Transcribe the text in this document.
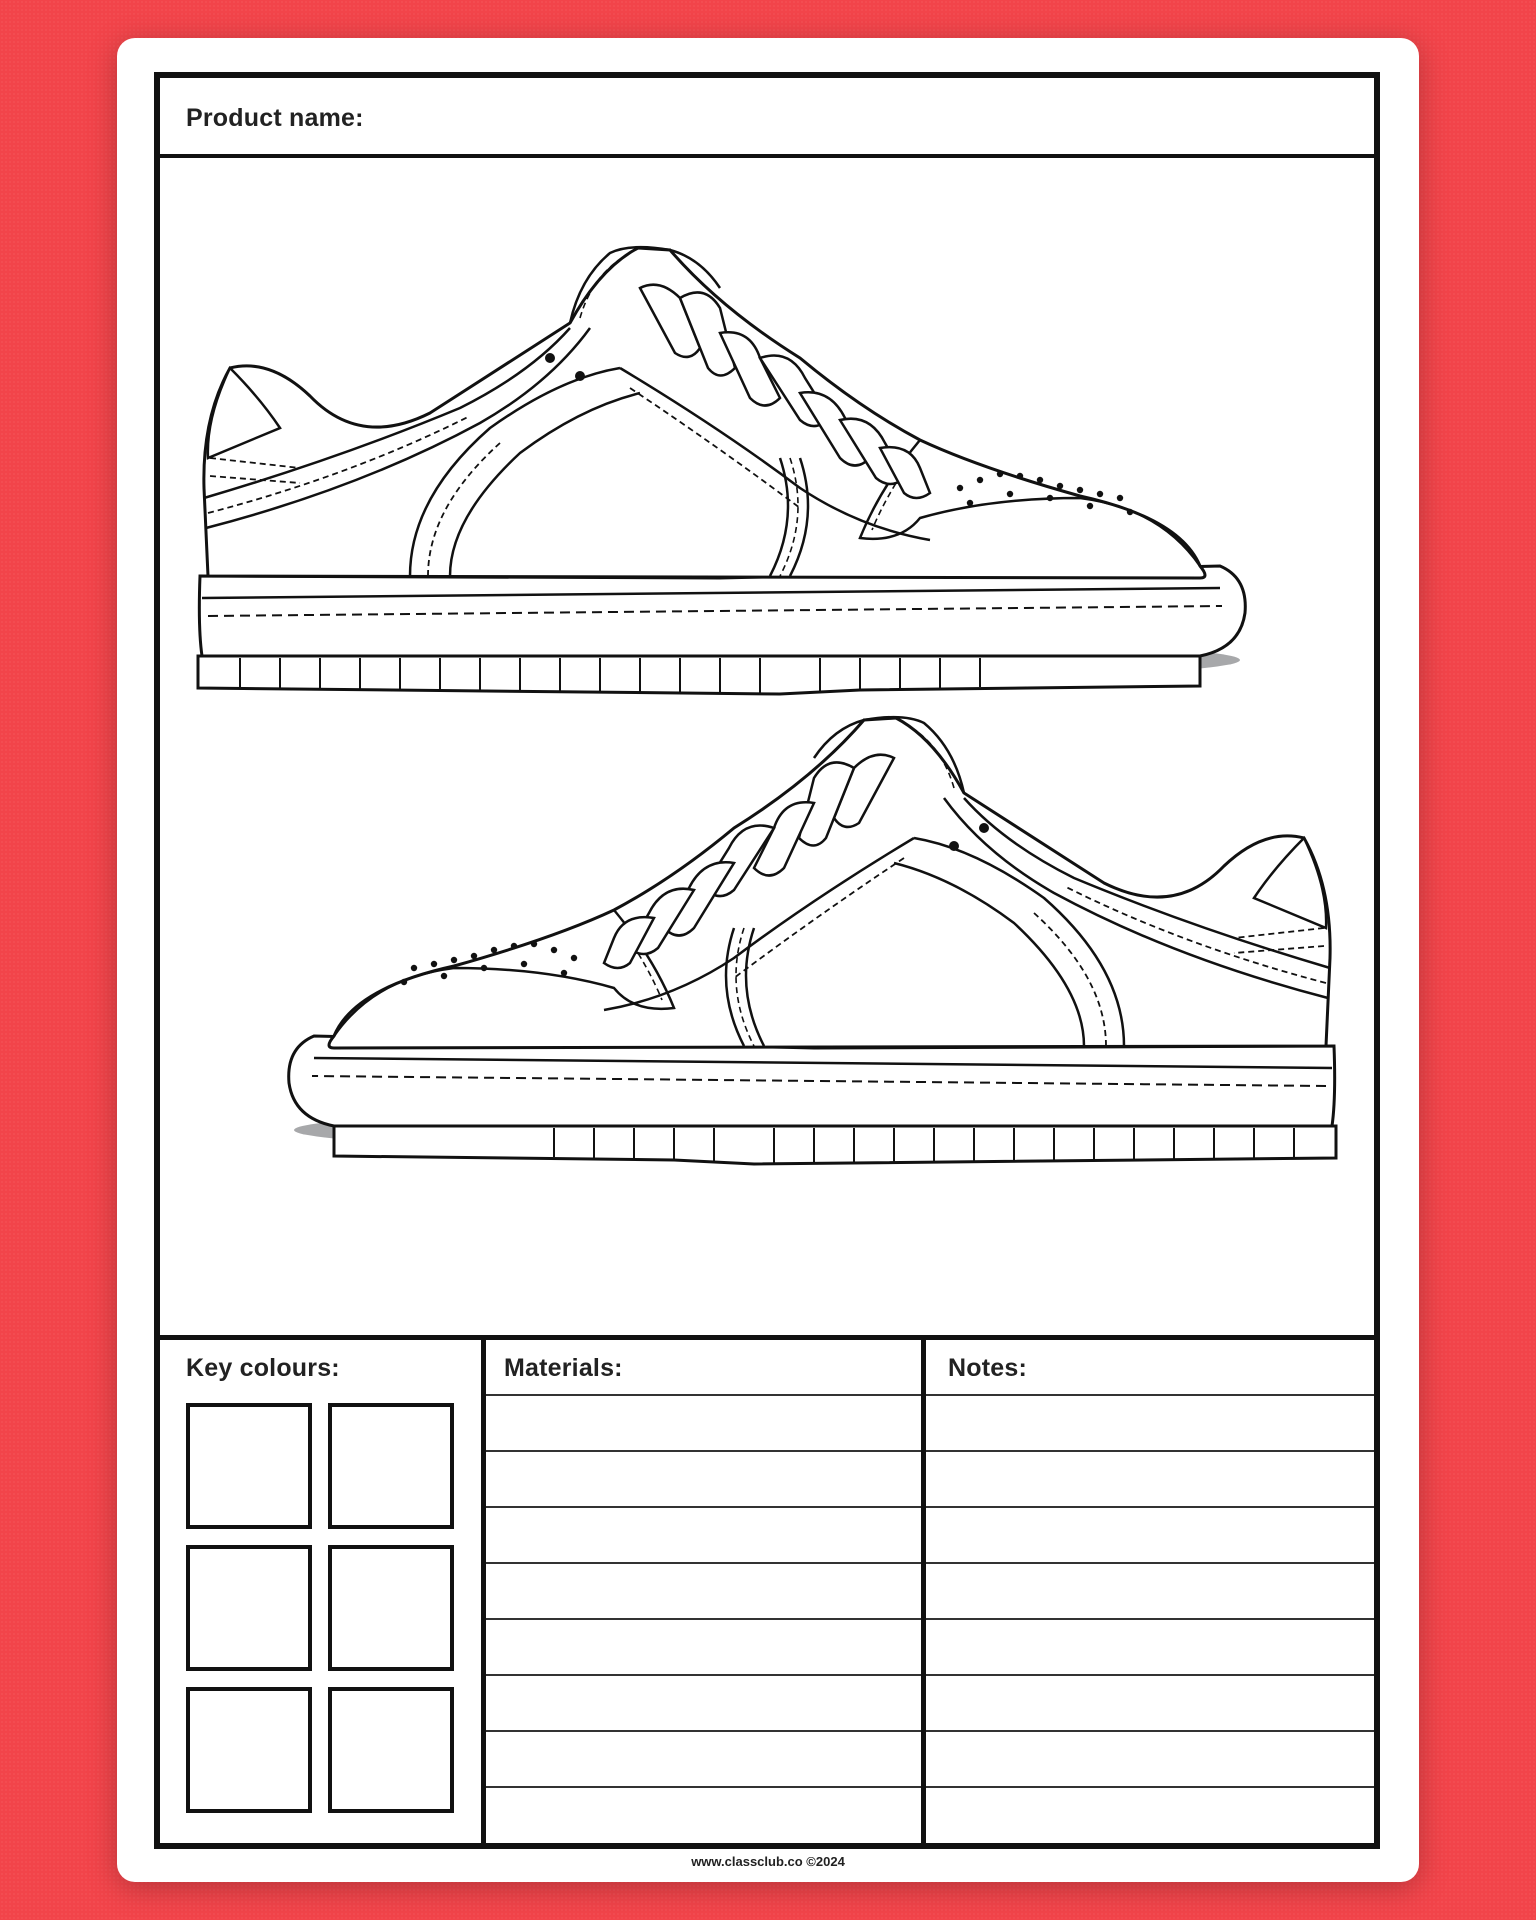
Product name:
Key colours:	Materials:	Notes:
www.classclub.co ©2024
